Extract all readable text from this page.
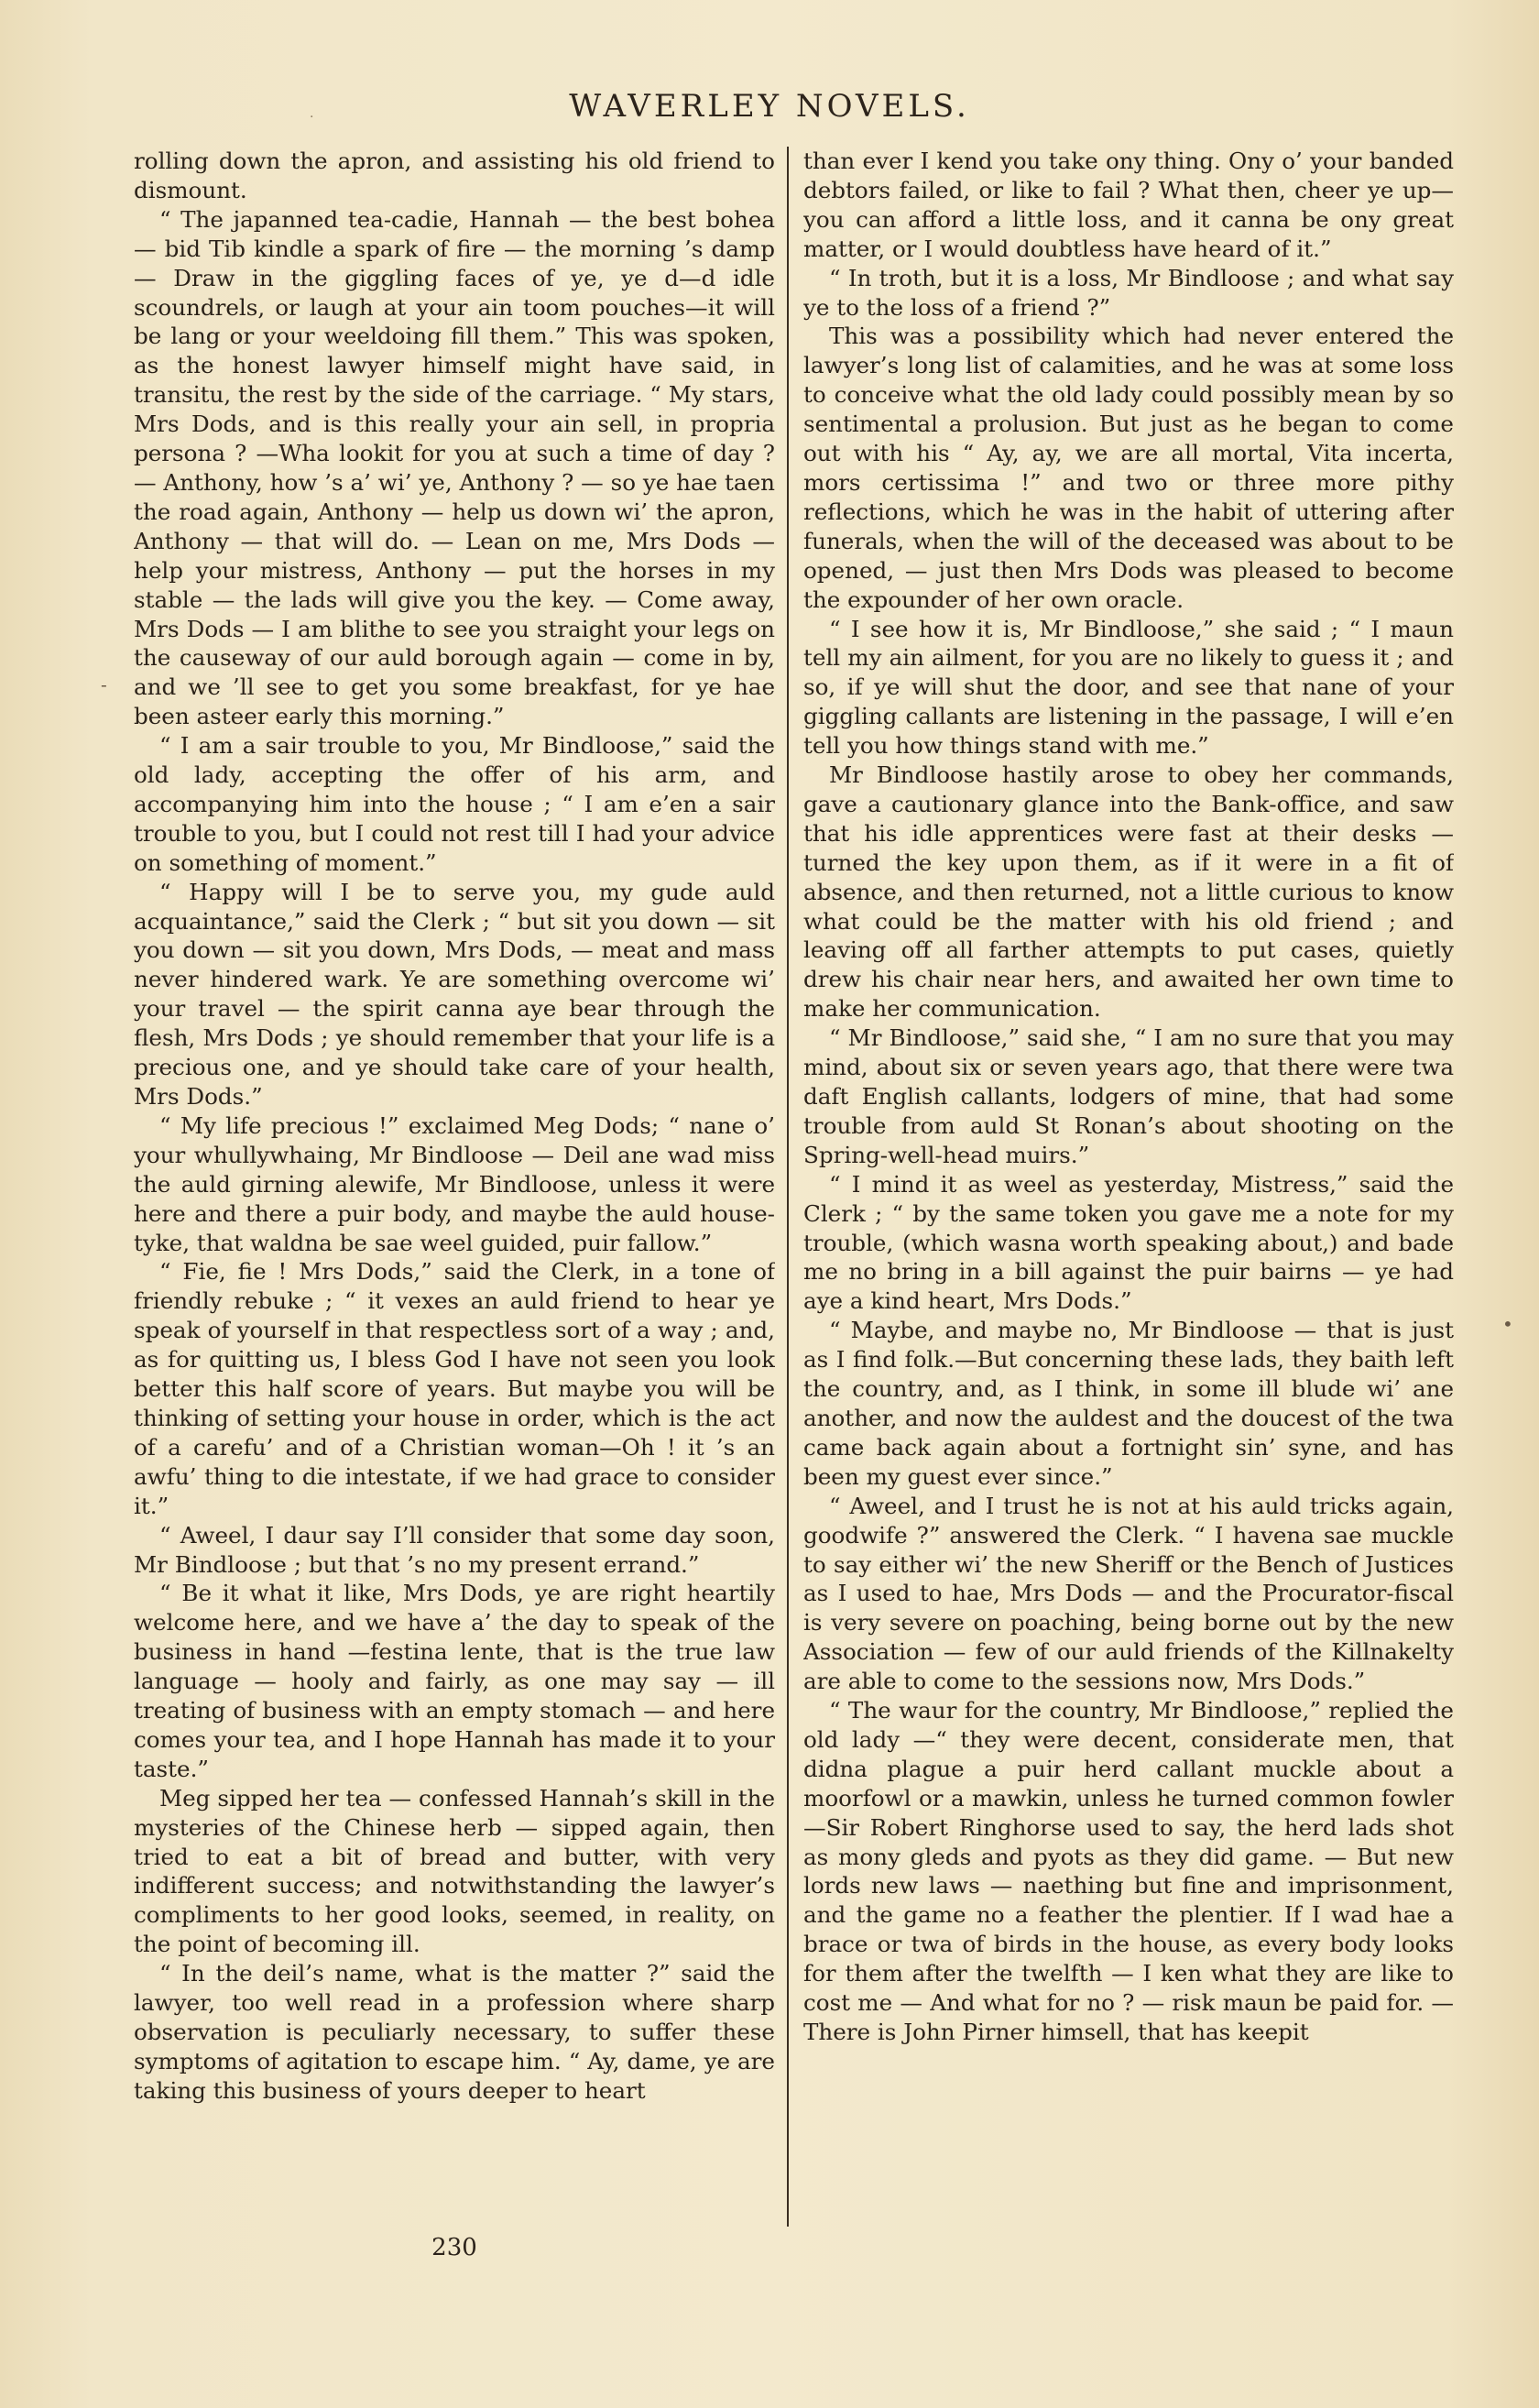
·	WAVERLEY NOVELS.

rolling down the apron, and assisting his old friend to dismount.

“ The japanned tea-cadie, Hannah — the best bohea — bid Tib kindle a spark of fire — the morning ’s damp — Draw in the giggling faces of ye, ye d—d idle scoundrels, or laugh at your ain toom pouches—it will be lang or your weeldoing fill them.” This was spoken, as the honest lawyer himself might have said, in transitu, the rest by the side of the carriage. “ My stars, Mrs Dods, and is this really your ain sell, in propria persona ? —Wha lookit for you at such a time of day ? — Anthony, how ’s a’ wi’ ye, Anthony ? — so ye hae taen the road again, Anthony — help us down wi’ the apron, Anthony — that will do. — Lean on me, Mrs Dods — help your mistress, Anthony — put the horses in my stable — the lads will give you the key. — Come away, Mrs Dods — I am blithe to see you straight your legs on the causeway of our auld borough again — come in by, and we ’ll see to get you some breakfast, for ye hae been asteer early this morning.”

“ I am a sair trouble to you, Mr Bindloose,” said the old lady, accepting the offer of his arm, and accompanying him into the house ; “ I am e’en a sair trouble to you, but I could not rest till I had your advice on something of moment.”

“ Happy will I be to serve you, my gude auld acquaintance,” said the Clerk ; “ but sit you down — sit you down — sit you down, Mrs Dods, — meat and mass never hindered wark. Ye are something overcome wi’ your travel — the spirit canna aye bear through the flesh, Mrs Dods ; ye should remember that your life is a precious one, and ye should take care of your health, Mrs Dods.”

“ My life precious !” exclaimed Meg Dods; “ nane o’ your whullywhaing, Mr Bindloose — Deil ane wad miss the auld girning alewife, Mr Bindloose, unless it were here and there a puir body, and maybe the auld house-tyke, that waldna be sae weel guided, puir fallow.”

“ Fie, fie ! Mrs Dods,” said the Clerk, in a tone of friendly rebuke ; “ it vexes an auld friend to hear ye speak of yourself in that respectless sort of a way ; and, as for quitting us, I bless God I have not seen you look better this half score of years. But maybe you will be thinking of setting your house in order, which is the act of a carefu’ and of a Christian woman—Oh ! it ’s an awfu’ thing to die intestate, if we had grace to consider it.”

“ Aweel, I daur say I’ll consider that some day soon, Mr Bindloose ; but that ’s no my present errand.”

“ Be it what it like, Mrs Dods, ye are right heartily welcome here, and we have a’ the day to speak of the business in hand —festina lente, that is the true law language — hooly and fairly, as one may say — ill treating of business with an empty stomach — and here comes your tea, and I hope Hannah has made it to your taste.”

Meg sipped her tea — confessed Hannah’s skill in the mysteries of the Chinese herb — sipped again, then tried to eat a bit of bread and butter, with very indifferent success; and notwithstanding the lawyer’s compliments to her good looks, seemed, in reality, on the point of becoming ill.

“ In the deil’s name, what is the matter ?” said the lawyer, too well read in a profession where sharp observation is peculiarly necessary, to suffer these symptoms of agitation to escape him. “ Ay, dame, ye are taking this business of yours deeper to heart

than ever I kend you take ony thing. Ony o’ your banded debtors failed, or like to fail ? What then, cheer ye up—you can afford a little loss, and it canna be ony great matter, or I would doubtless have heard of it.”

“ In troth, but it is a loss, Mr Bindloose ; and what say ye to the loss of a friend ?”

This was a possibility which had never entered the lawyer’s long list of calamities, and he was at some loss to conceive what the old lady could possibly mean by so sentimental a prolusion. But just as he began to come out with his “ Ay, ay, we are all mortal, Vita incerta, mors certissima !” and two or three more pithy reflections, which he was in the habit of uttering after funerals, when the will of the deceased was about to be opened, — just then Mrs Dods was pleased to become the expounder of her own oracle.

“ I see how it is, Mr Bindloose,” she said ; “ I maun tell my ain ailment, for you are no likely to guess it ; and so, if ye will shut the door, and see that nane of your giggling callants are listening in the passage, I will e’en tell you how things stand with me.”

Mr Bindloose hastily arose to obey her commands, gave a cautionary glance into the Bank-office, and saw that his idle apprentices were fast at their desks — turned the key upon them, as if it were in a fit of absence, and then returned, not a little curious to know what could be the matter with his old friend ; and leaving off all farther attempts to put cases, quietly drew his chair near hers, and awaited her own time to make her communication.

“ Mr Bindloose,” said she, “ I am no sure that you may mind, about six or seven years ago, that there were twa daft English callants, lodgers of mine, that had some trouble from auld St Ronan’s about shooting on the Spring-well-head muirs.”

“ I mind it as weel as yesterday, Mistress,” said the Clerk ; “ by the same token you gave me a note for my trouble, (which wasna worth speaking about,) and bade me no bring in a bill against the puir bairns — ye had aye a kind heart, Mrs Dods.”

“ Maybe, and maybe no, Mr Bindloose — that is just as I find folk.—But concerning these lads, they baith left the country, and, as I think, in some ill blude wi’ ane another, and now the auldest and the doucest of the twa came back again about a fortnight sin’ syne, and has been my guest ever since.”

“ Aweel, and I trust he is not at his auld tricks again, goodwife ?” answered the Clerk. “ I havena sae muckle to say either wi’ the new Sheriff or the Bench of Justices as I used to hae, Mrs Dods — and the Procurator-fiscal is very severe on poaching, being borne out by the new Association — few of our auld friends of the Killnakelty are able to come to the sessions now, Mrs Dods.”

“ The waur for the country, Mr Bindloose,” replied the old lady —“ they were decent, considerate men, that didna plague a puir herd callant muckle about a moorfowl or a mawkin, unless he turned common fowler—Sir Robert Ringhorse used to say, the herd lads shot as mony gleds and pyots as they did game. — But new lords new laws — naething but fine and imprisonment, and the game no a feather the plentier. If I wad hae a brace or twa of birds in the house, as every body looks for them after the twelfth — I ken what they are like to cost me — And what for no ? — risk maun be paid for. — There is John Pirner himsell, that has keepit

-
•
230
